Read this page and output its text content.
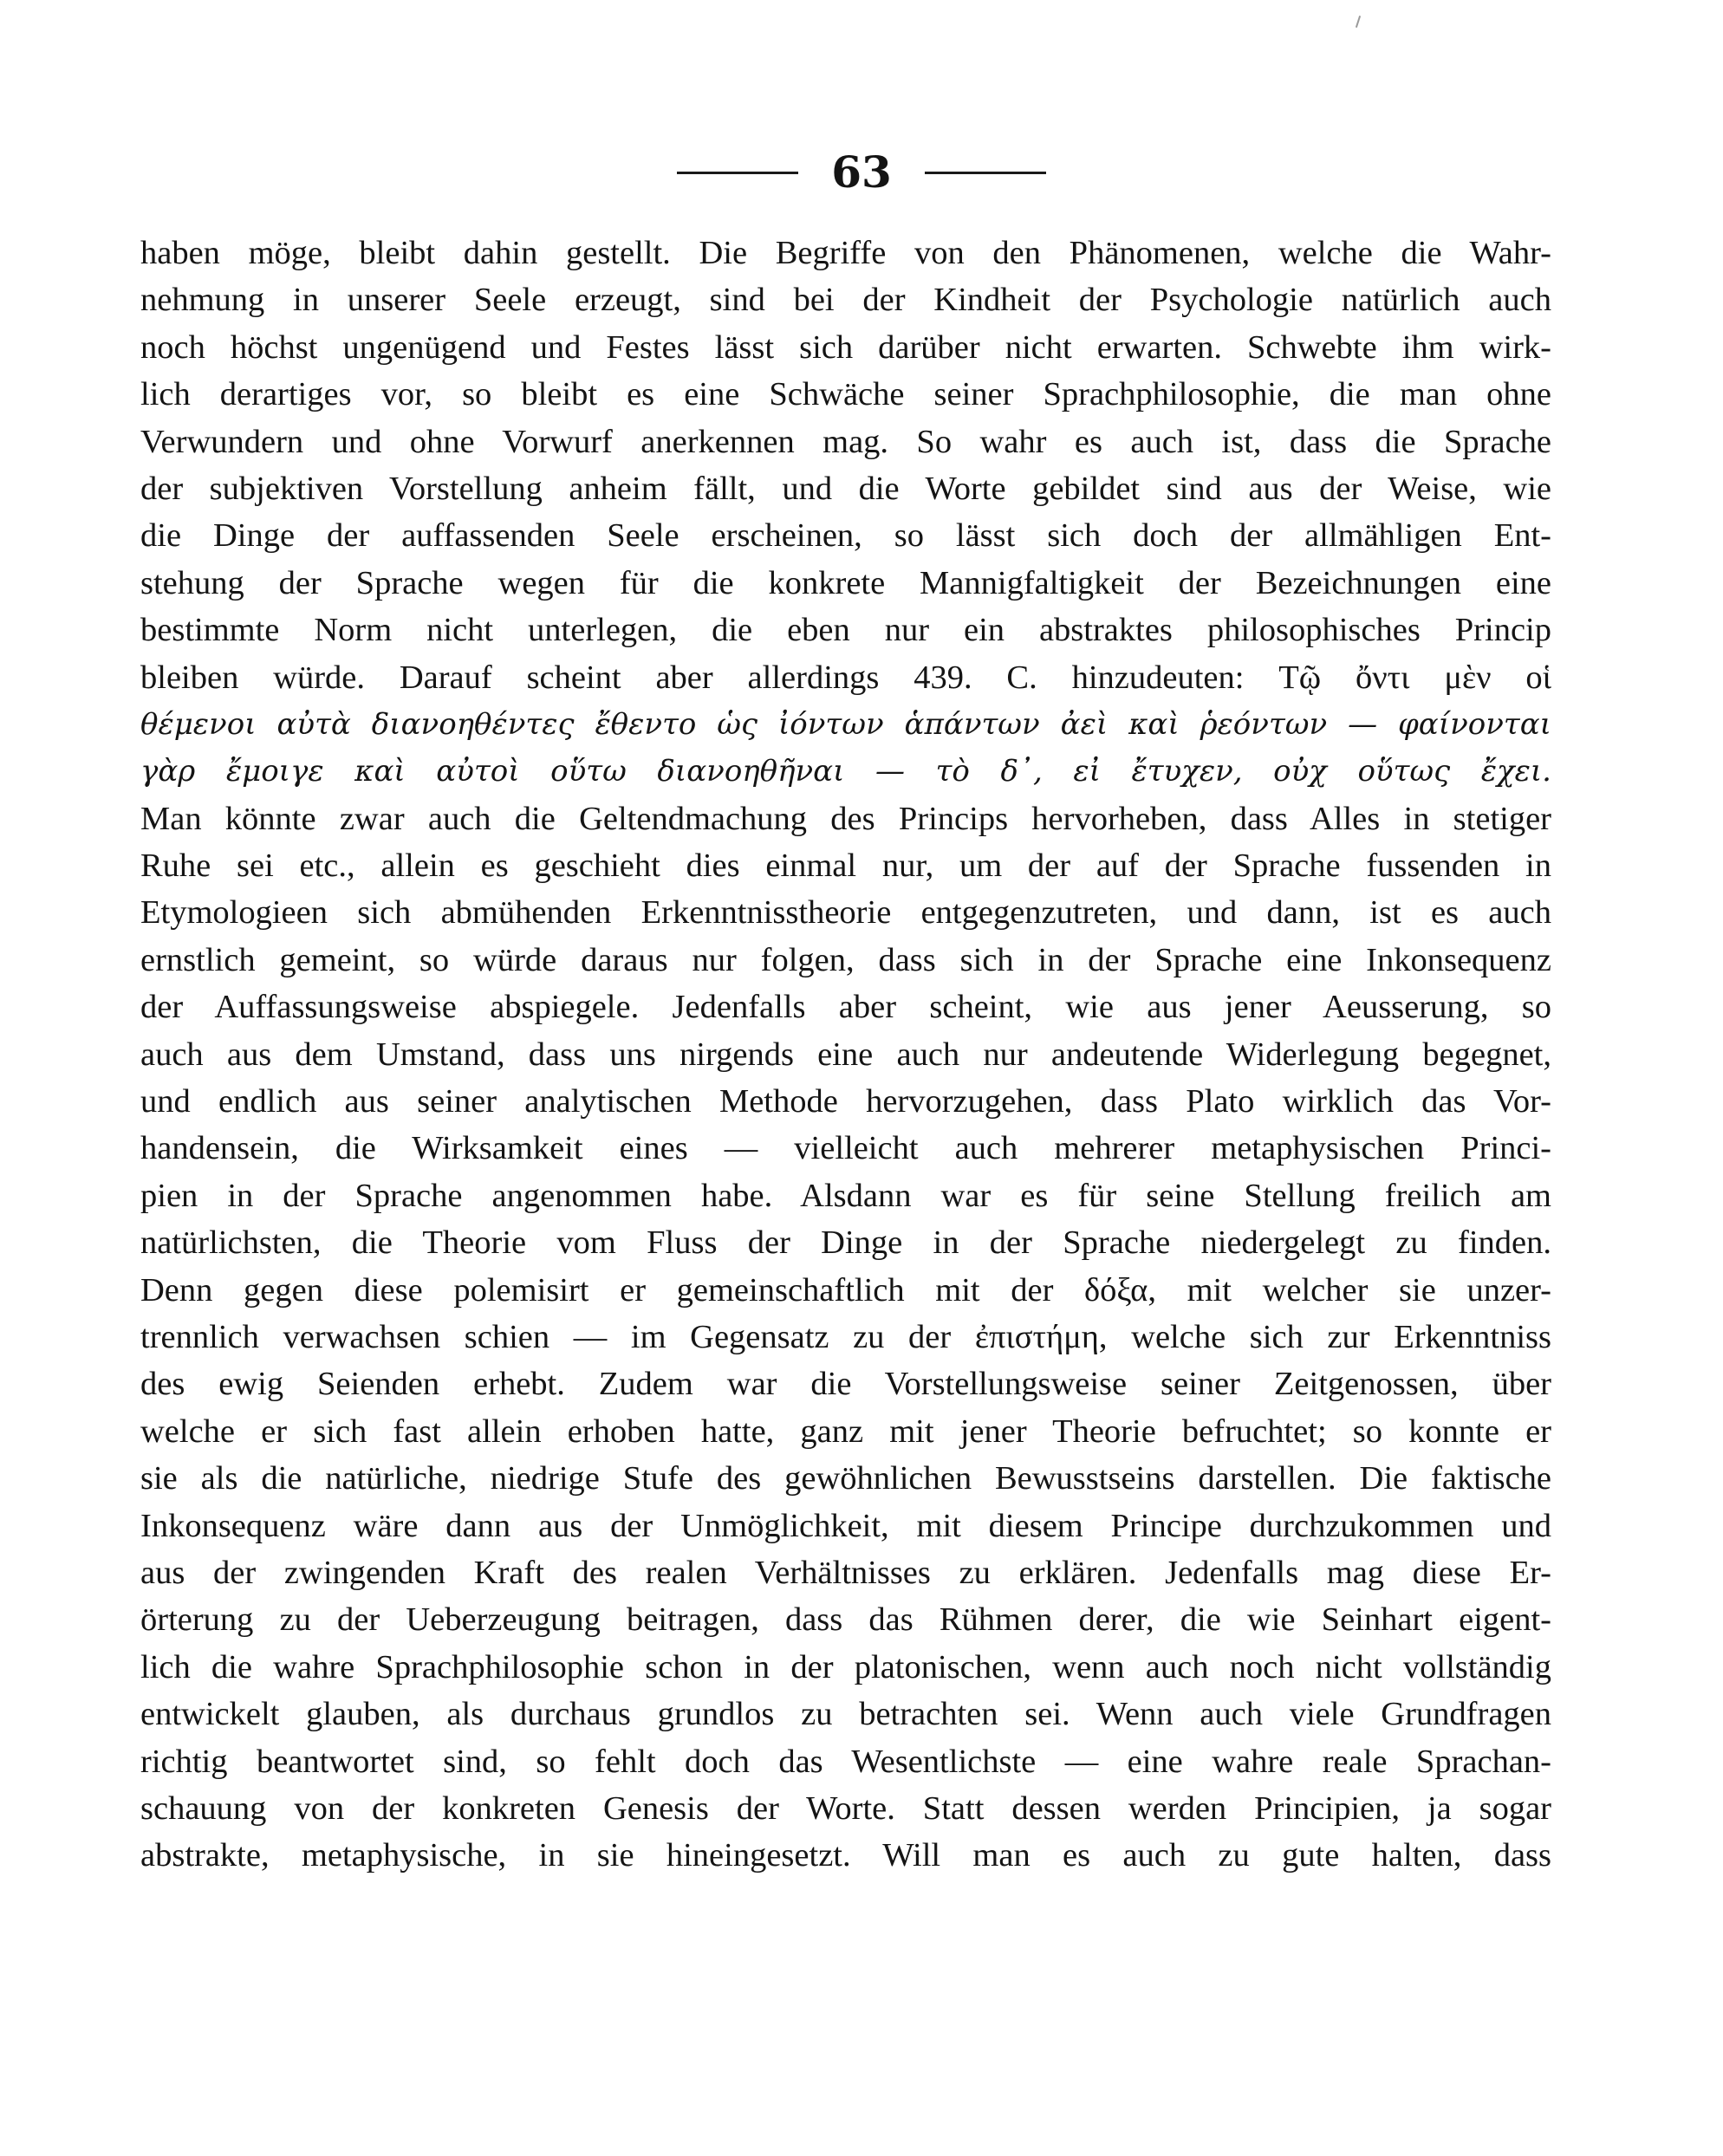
63
haben möge, bleibt dahin gestellt. Die Begriffe von den Phänomenen, welche die Wahr-
nehmung in unserer Seele erzeugt, sind bei der Kindheit der Psychologie natürlich auch
noch höchst ungenügend und Festes lässt sich darüber nicht erwarten. Schwebte ihm wirk-
lich derartiges vor, so bleibt es eine Schwäche seiner Sprachphilosophie, die man ohne
Verwundern und ohne Vorwurf anerkennen mag. So wahr es auch ist, dass die Sprache
der subjektiven Vorstellung anheim fällt, und die Worte gebildet sind aus der Weise, wie
die Dinge der auffassenden Seele erscheinen, so lässt sich doch der allmähligen Ent-
stehung der Sprache wegen für die konkrete Mannigfaltigkeit der Bezeichnungen eine
bestimmte Norm nicht unterlegen, die eben nur ein abstraktes philosophisches Princip
bleiben würde. Darauf scheint aber allerdings 439. C. hinzudeuten: Τῷ ὄντι μὲν οἱ
θέμενοι αὐτὰ διανοηθέντες ἔθεντο ὡς ἰόντων ἁπάντων ἀεὶ καὶ ῥεόντων — φαίνονται
γὰρ ἔμοιγε καὶ αὐτοὶ οὕτω διανοηθῆναι — τὸ δ᾿, εἰ ἔτυχεν, οὐχ οὕτως ἔχει.
Man könnte zwar auch die Geltendmachung des Princips hervorheben, dass Alles in stetiger
Ruhe sei etc., allein es geschieht dies einmal nur, um der auf der Sprache fussenden in
Etymologieen sich abmühenden Erkenntnisstheorie entgegenzutreten, und dann, ist es auch
ernstlich gemeint, so würde daraus nur folgen, dass sich in der Sprache eine Inkonsequenz
der Auffassungsweise abspiegele. Jedenfalls aber scheint, wie aus jener Aeusserung, so
auch aus dem Umstand, dass uns nirgends eine auch nur andeutende Widerlegung begegnet,
und endlich aus seiner analytischen Methode hervorzugehen, dass Plato wirklich das Vor-
handensein, die Wirksamkeit eines — vielleicht auch mehrerer metaphysischen Princi-
pien in der Sprache angenommen habe. Alsdann war es für seine Stellung freilich am
natürlichsten, die Theorie vom Fluss der Dinge in der Sprache niedergelegt zu finden.
Denn gegen diese polemisirt er gemeinschaftlich mit der δόξα, mit welcher sie unzer-
trennlich verwachsen schien — im Gegensatz zu der ἐπιστήμη, welche sich zur Erkenntniss
des ewig Seienden erhebt. Zudem war die Vorstellungsweise seiner Zeitgenossen, über
welche er sich fast allein erhoben hatte, ganz mit jener Theorie befruchtet; so konnte er
sie als die natürliche, niedrige Stufe des gewöhnlichen Bewusstseins darstellen. Die faktische
Inkonsequenz wäre dann aus der Unmöglichkeit, mit diesem Principe durchzukommen und
aus der zwingenden Kraft des realen Verhältnisses zu erklären. Jedenfalls mag diese Er-
örterung zu der Ueberzeugung beitragen, dass das Rühmen derer, die wie Seinhart eigent-
lich die wahre Sprachphilosophie schon in der platonischen, wenn auch noch nicht vollständig
entwickelt glauben, als durchaus grundlos zu betrachten sei. Wenn auch viele Grundfragen
richtig beantwortet sind, so fehlt doch das Wesentlichste — eine wahre reale Sprachan-
schauung von der konkreten Genesis der Worte. Statt dessen werden Principien, ja sogar
abstrakte, metaphysische, in sie hineingesetzt. Will man es auch zu gute halten, dass
